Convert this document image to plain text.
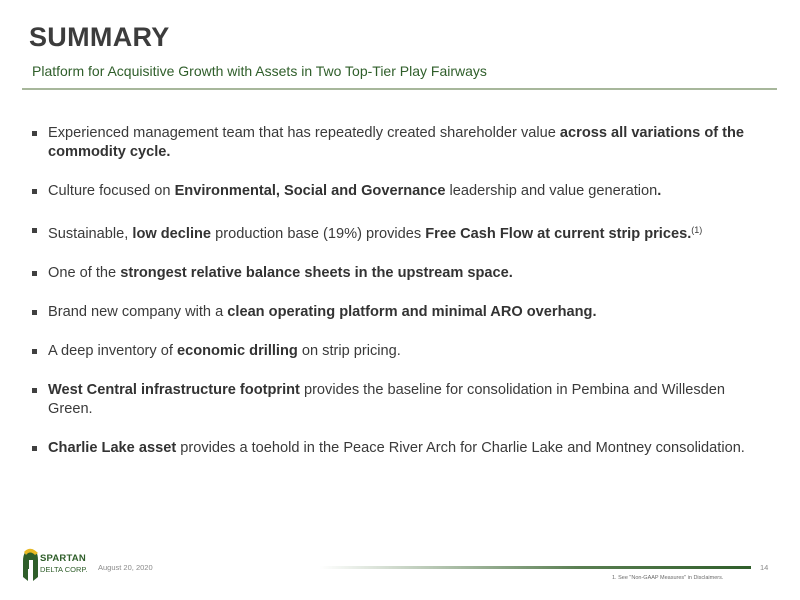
SUMMARY

Platform for Acquisitive Growth with Assets in Two Top-Tier Play Fairways

Experienced management team that has repeatedly created shareholder value across all variations of the commodity cycle.
Culture focused on Environmental, Social and Governance leadership and value generation.
Sustainable, low decline production base (19%) provides Free Cash Flow at current strip prices.$^{(1)}$
One of the strongest relative balance sheets in the upstream space.
Brand new company with a clean operating platform and minimal ARO overhang.
A deep inventory of economic drilling on strip pricing.
West Central infrastructure footprint provides the baseline for consolidation in Pembina and Willesden Green.
Charlie Lake asset provides a toehold in the Peace River Arch for Charlie Lake and Montney consolidation.
SPARTAN
DELTA CORP. August 20, 2020	14
1. See "Non-GAAP Measures" in Disclaimers.
